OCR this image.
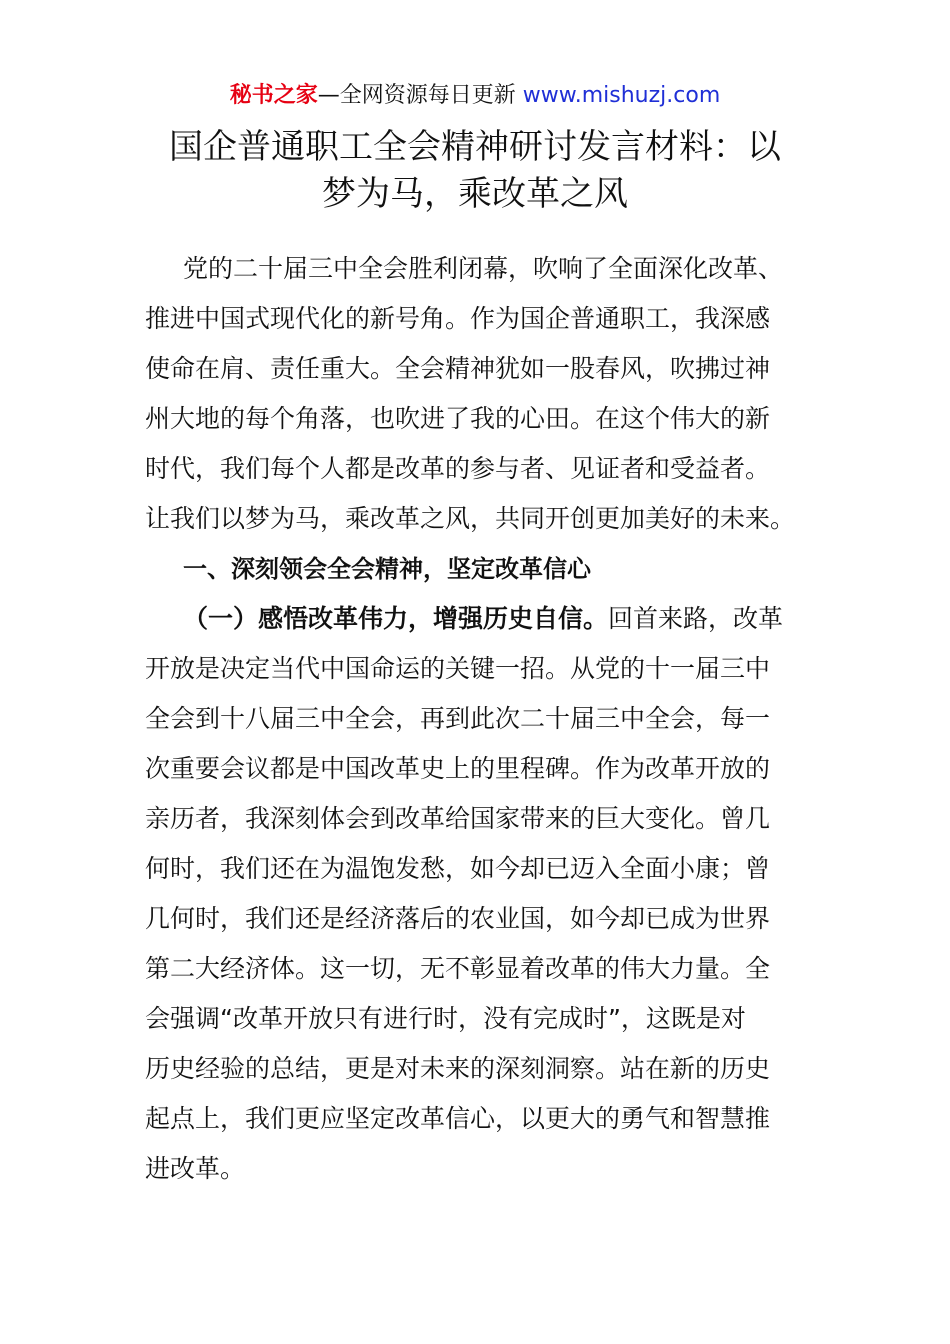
秘书之家—全网资源每日更新 www.mishuzj.com
国企普通职工全会精神研讨发言材料：以
梦为马，乘改革之风
党的二十届三中全会胜利闭幕，吹响了全面深化改革、
推进中国式现代化的新号角。作为国企普通职工，我深感
使命在肩、责任重大。全会精神犹如一股春风，吹拂过神
州大地的每个角落，也吹进了我的心田。在这个伟大的新
时代，我们每个人都是改革的参与者、见证者和受益者。
让我们以梦为马，乘改革之风，共同开创更加美好的未来。
一、深刻领会全会精神，坚定改革信心
（一）感悟改革伟力，增强历史自信。回首来路，改革
开放是决定当代中国命运的关键一招。从党的十一届三中
全会到十八届三中全会，再到此次二十届三中全会，每一
次重要会议都是中国改革史上的里程碑。作为改革开放的
亲历者，我深刻体会到改革给国家带来的巨大变化。曾几
何时，我们还在为温饱发愁，如今却已迈入全面小康；曾
几何时，我们还是经济落后的农业国，如今却已成为世界
第二大经济体。这一切，无不彰显着改革的伟大力量。全
会强调“改革开放只有进行时，没有完成时”，这既是对
历史经验的总结，更是对未来的深刻洞察。站在新的历史
起点上，我们更应坚定改革信心，以更大的勇气和智慧推
进改革。
